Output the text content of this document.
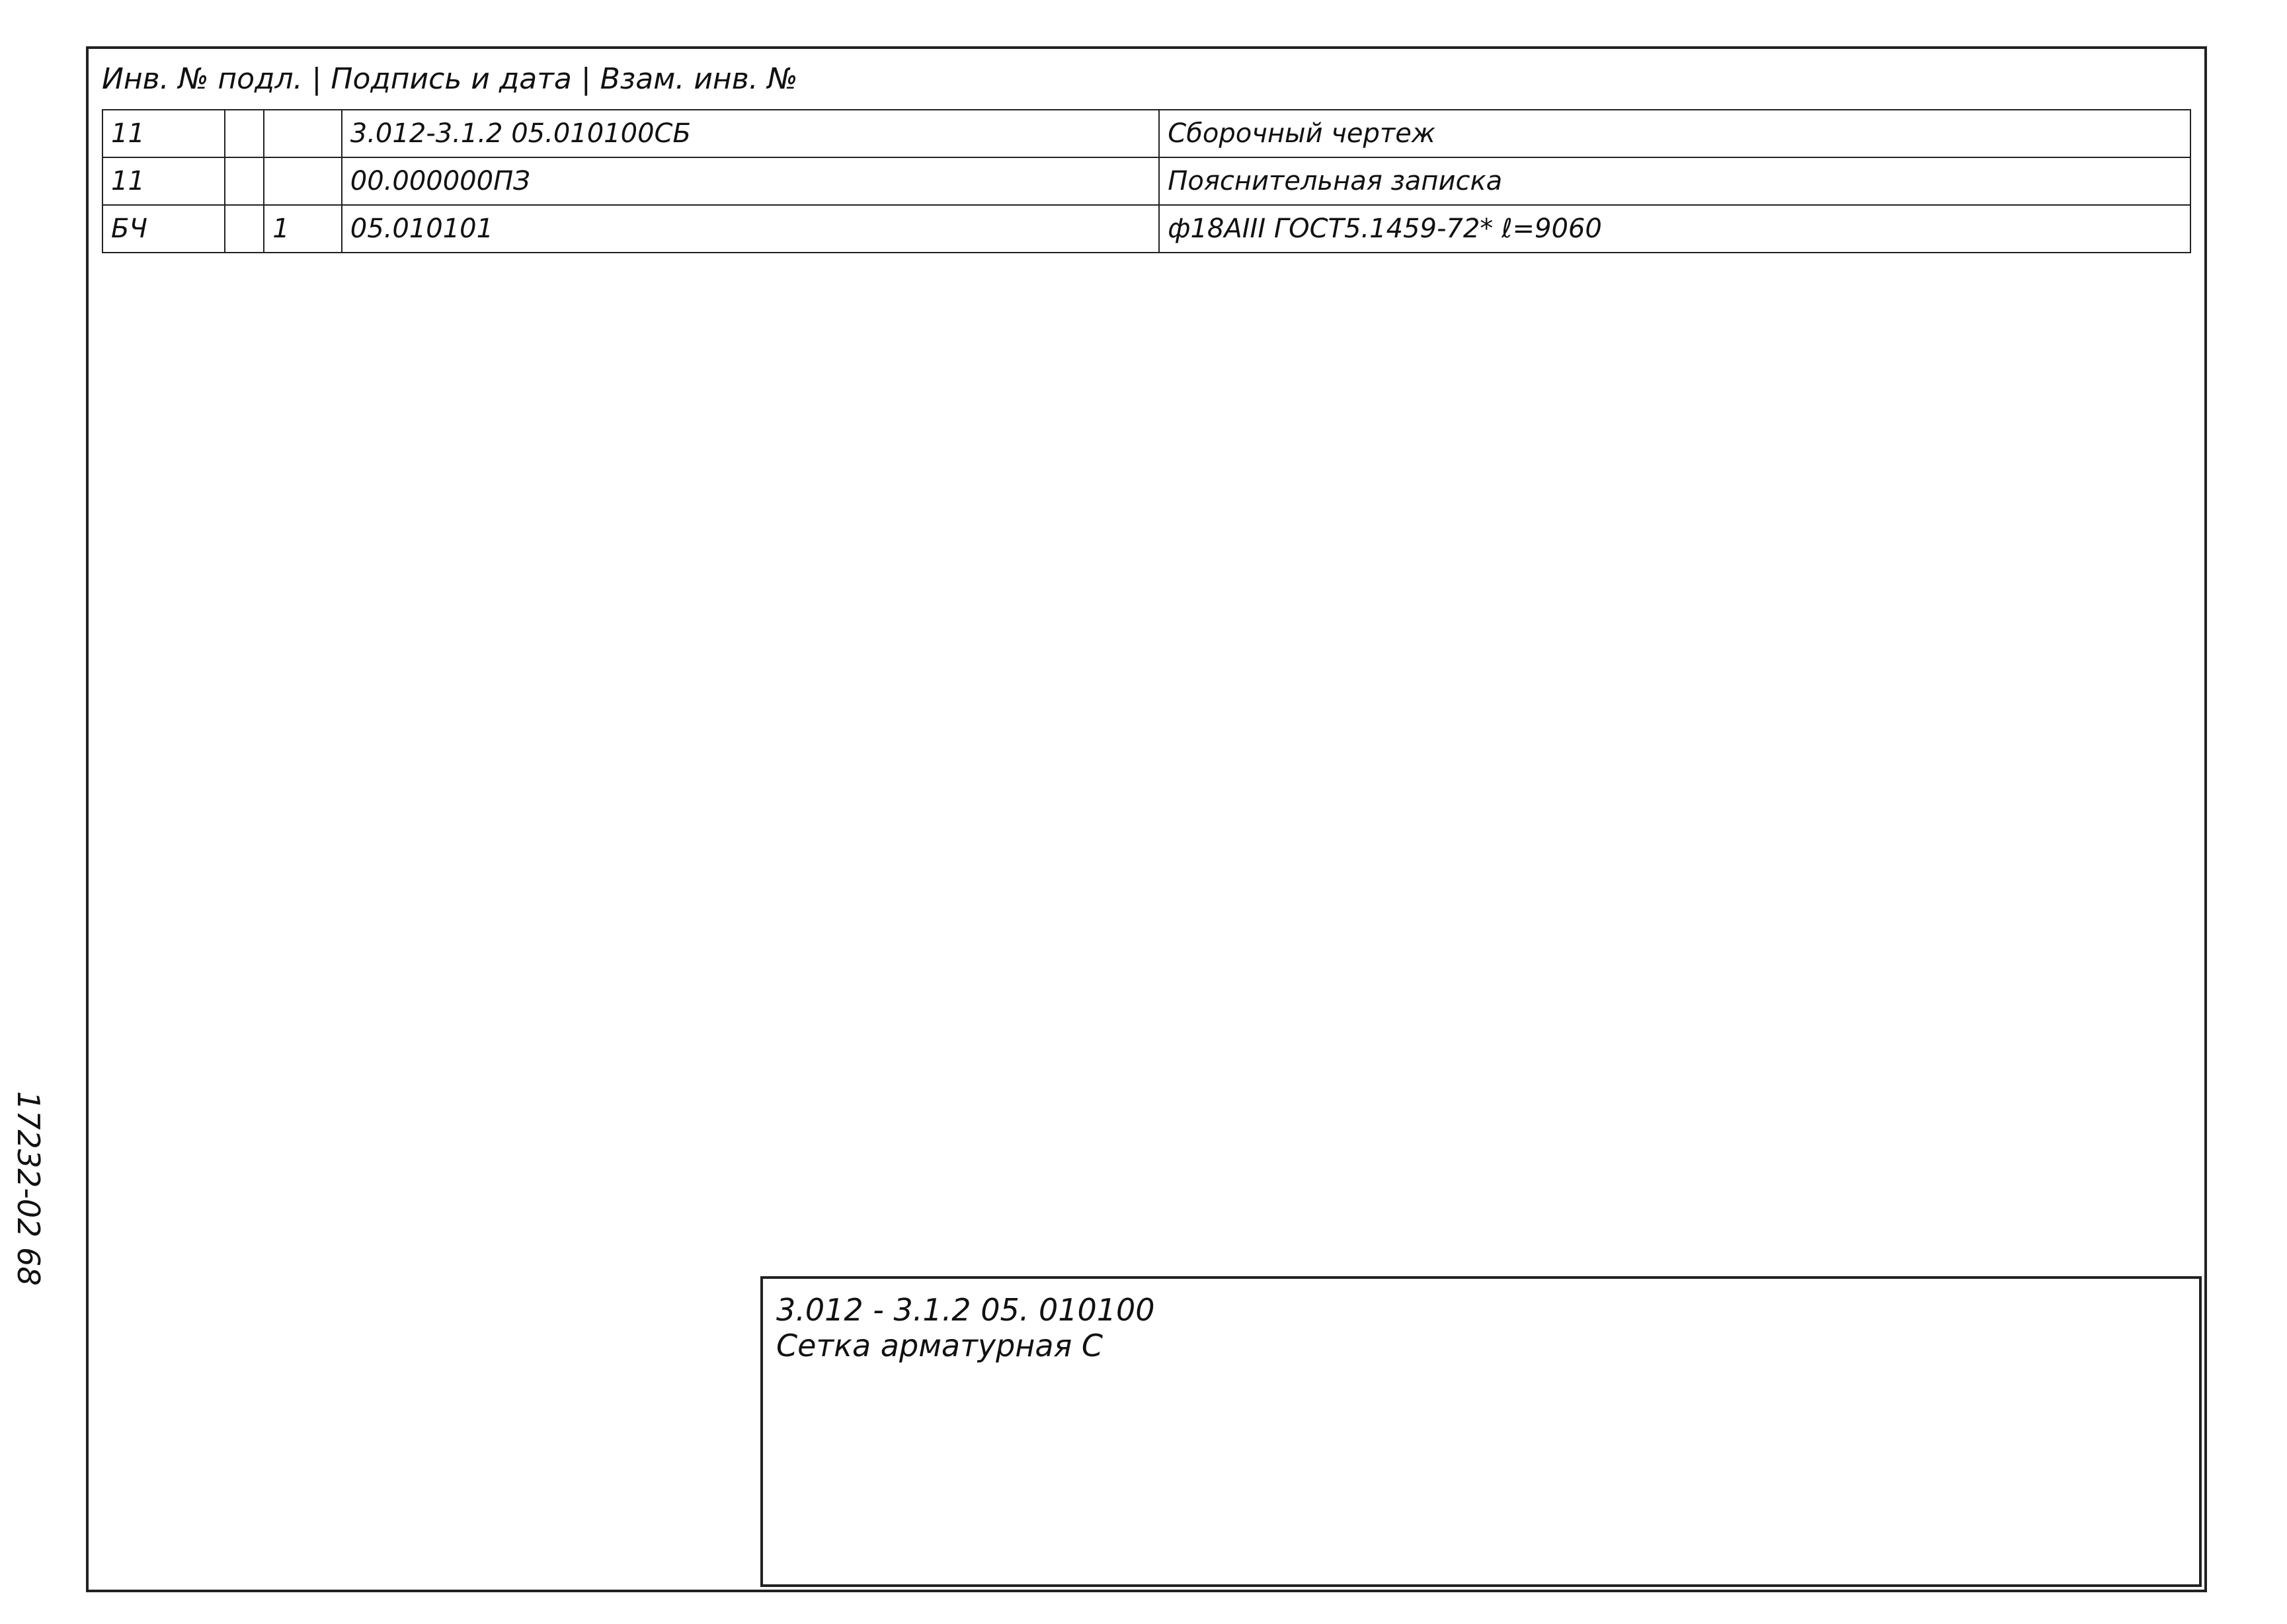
17232-02 68
Инв. № подл. | Подпись и дата | Взам. инв. №
11			3.012-3.1.2 05.010100СБ	Сборочный чертеж
11			00.000000ПЗ	Пояснительная записка
БЧ		1	05.010101	ф18АIII ГОСТ5.1459-72* ℓ=9060
3.012 - 3.1.2 05. 010100
Сетка арматурная С
